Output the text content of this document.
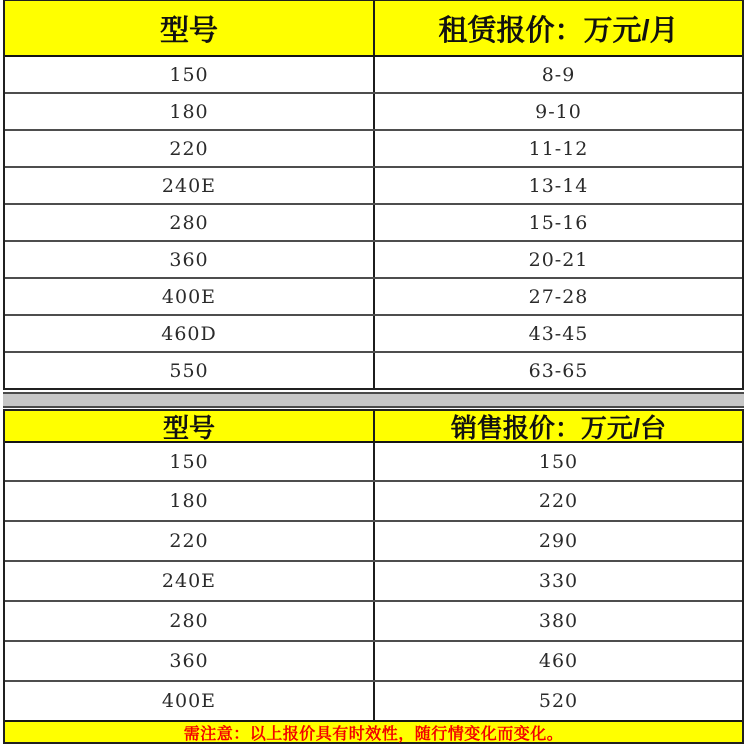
型号	租赁报价：万元/月
150	8-9
180	9-10
220	11-12
240E	13-14
280	15-16
360	20-21
400E	27-28
460D	43-45
550	63-65
型号	销售报价：万元/台
150	150
180	220
220	290
240E	330
280	380
360	460
400E	520
需注意：以上报价具有时效性，随行情变化而变化。
